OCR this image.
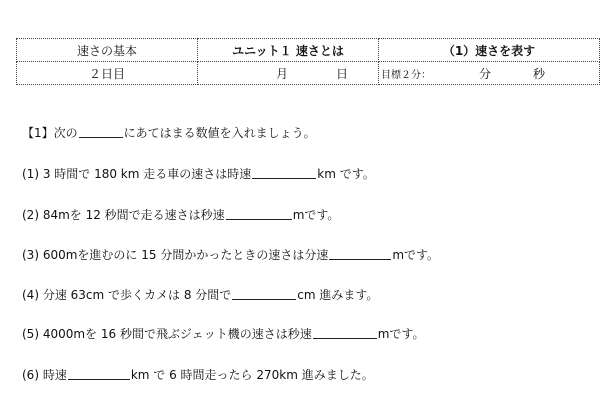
速さの基本	ユニット１ 速さとは	（1）速さを表す
２日目	月 日	目標２分： 分 秒
【1】次の	にあてはまる数値を入れましょう。
(1) 3 時間で 180 km 走る車の速さは時速	km です。
(2) 84mを 12 秒間で走る速さは秒速	mです。
(3) 600mを進むのに 15 分間かかったときの速さは分速	mです。
(4) 分速 63cm で歩くカメは 8 分間で	cm 進みます。
(5) 4000mを 16 秒間で飛ぶジェット機の速さは秒速	mです。
(6) 時速	km で 6 時間走ったら 270km 進みました。
